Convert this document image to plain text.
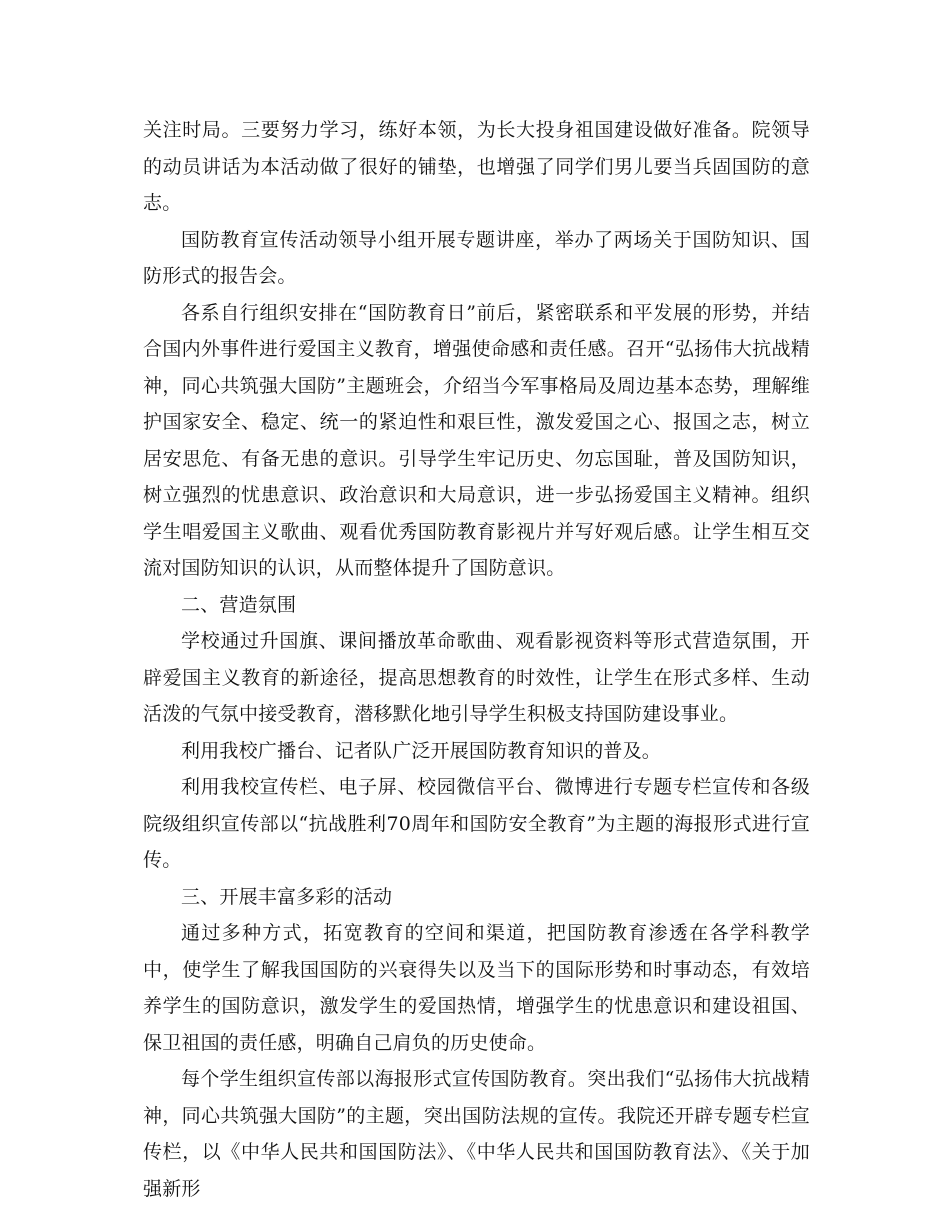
关注时局。三要努力学习，练好本领，为长大投身祖国建设做好准备。院领导的动员讲话为本活动做了很好的铺垫，也增强了同学们男儿要当兵固国防的意志。

国防教育宣传活动领导小组开展专题讲座，举办了两场关于国防知识、国防形式的报告会。

各系自行组织安排在“国防教育日”前后，紧密联系和平发展的形势，并结合国内外事件进行爱国主义教育，增强使命感和责任感。召开“弘扬伟大抗战精神，同心共筑强大国防”主题班会，介绍当今军事格局及周边基本态势，理解维护国家安全、稳定、统一的紧迫性和艰巨性，激发爱国之心、报国之志，树立居安思危、有备无患的意识。引导学生牢记历史、勿忘国耻，普及国防知识，树立强烈的忧患意识、政治意识和大局意识，进一步弘扬爱国主义精神。组织学生唱爱国主义歌曲、观看优秀国防教育影视片并写好观后感。让学生相互交流对国防知识的认识，从而整体提升了国防意识。

二、营造氛围

学校通过升国旗、课间播放革命歌曲、观看影视资料等形式营造氛围，开辟爱国主义教育的新途径，提高思想教育的时效性，让学生在形式多样、生动活泼的气氛中接受教育，潜移默化地引导学生积极支持国防建设事业。

利用我校广播台、记者队广泛开展国防教育知识的普及。

利用我校宣传栏、电子屏、校园微信平台、微博进行专题专栏宣传和各级院级组织宣传部以“抗战胜利70周年和国防安全教育”为主题的海报形式进行宣传。

三、开展丰富多彩的活动

通过多种方式，拓宽教育的空间和渠道，把国防教育渗透在各学科教学中，使学生了解我国国防的兴衰得失以及当下的国际形势和时事动态，有效培养学生的国防意识，激发学生的爱国热情，增强学生的忧患意识和建设祖国、保卫祖国的责任感，明确自己肩负的历史使命。

每个学生组织宣传部以海报形式宣传国防教育。突出我们“弘扬伟大抗战精神，同心共筑强大国防”的主题，突出国防法规的宣传。我院还开辟专题专栏宣传栏，以《中华人民共和国国防法》、《中华人民共和国国防教育法》、《关于加强新形
